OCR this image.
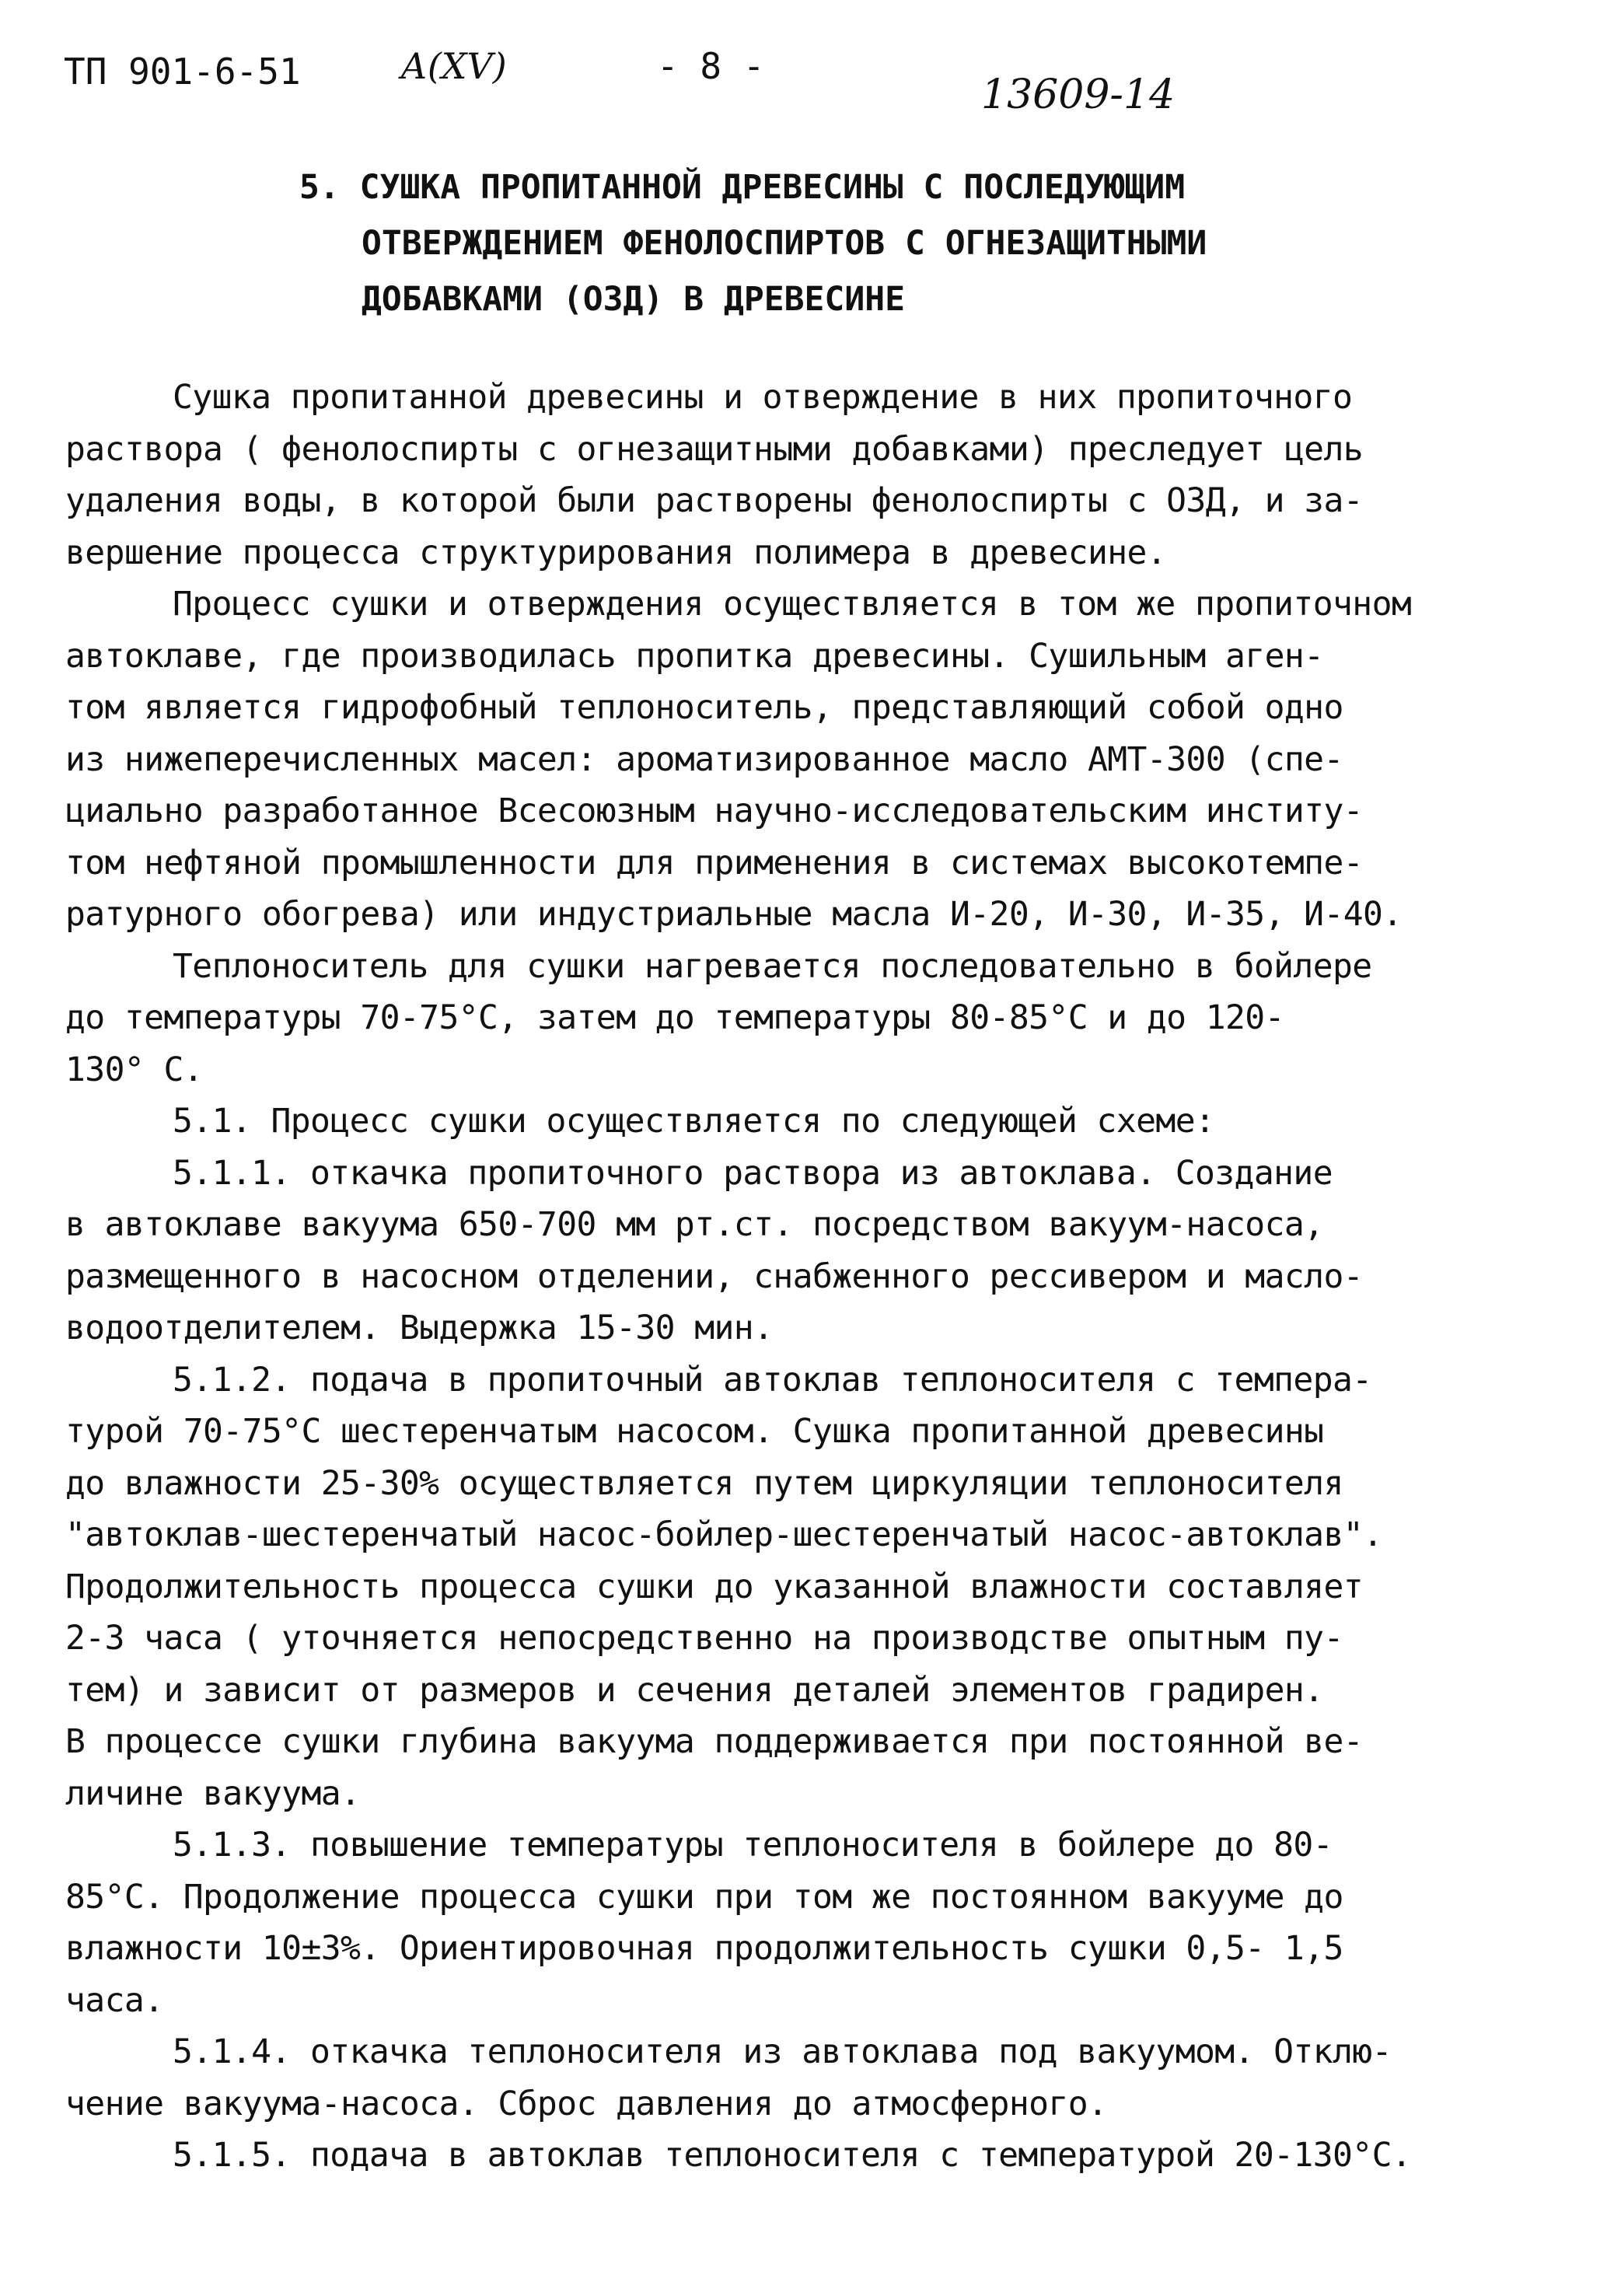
ТП 901-6-51	А(ХV)	- 8 -
13609-14
5. СУШКА ПРОПИТАННОЙ ДРЕВЕСИНЫ С ПОСЛЕДУЮЩИМ
ОТВЕРЖДЕНИЕМ ФЕНОЛОСПИРТОВ С ОГНЕЗАЩИТНЫМИ
ДОБАВКАМИ (ОЗД) В ДРЕВЕСИНЕ
Сушка пропитанной древесины и отверждение в них пропиточного
раствора ( фенолоспирты с огнезащитными добавками) преследует цель
удаления воды, в которой были растворены фенолоспирты с ОЗД, и за-
вершение процесса структурирования полимера в древесине.
Процесс сушки и отверждения осуществляется в том же пропиточном
автоклаве, где производилась пропитка древесины. Сушильным аген-
том является гидрофобный теплоноситель, представляющий собой одно
из нижеперечисленных масел: ароматизированное масло АМТ-300 (спе-
циально разработанное Всесоюзным научно-исследовательским институ-
том нефтяной промышленности для применения в системах высокотемпе-
ратурного обогрева) или индустриальные масла И-20, И-30, И-35, И-40.
Теплоноситель для сушки нагревается последовательно в бойлере
до температуры 70-75°С, затем до температуры 80-85°С и до 120-
130° С.
5.1. Процесс сушки осуществляется по следующей схеме:
5.1.1. откачка пропиточного раствора из автоклава. Создание
в автоклаве вакуума 650-700 мм рт.ст. посредством вакуум-насоса,
размещенного в насосном отделении, снабженного рессивером и масло-
водоотделителем. Выдержка 15-30 мин.
5.1.2. подача в пропиточный автоклав теплоносителя с темпера-
турой 70-75°С шестеренчатым насосом. Сушка пропитанной древесины
до влажности 25-30% осуществляется путем циркуляции теплоносителя
"автоклав-шестеренчатый насос-бойлер-шестеренчатый насос-автоклав".
Продолжительность процесса сушки до указанной влажности составляет
2-3 часа ( уточняется непосредственно на производстве опытным пу-
тем) и зависит от размеров и сечения деталей элементов градирен.
В процессе сушки глубина вакуума поддерживается при постоянной ве-
личине вакуума.
5.1.3. повышение температуры теплоносителя в бойлере до 80-
85°С. Продолжение процесса сушки при том же постоянном вакууме до
влажности 10±3%. Ориентировочная продолжительность сушки 0,5- 1,5
часа.
5.1.4. откачка теплоносителя из автоклава под вакуумом. Отклю-
чение вакуума-насоса. Сброс давления до атмосферного.
5.1.5. подача в автоклав теплоносителя с температурой 20-130°С.
